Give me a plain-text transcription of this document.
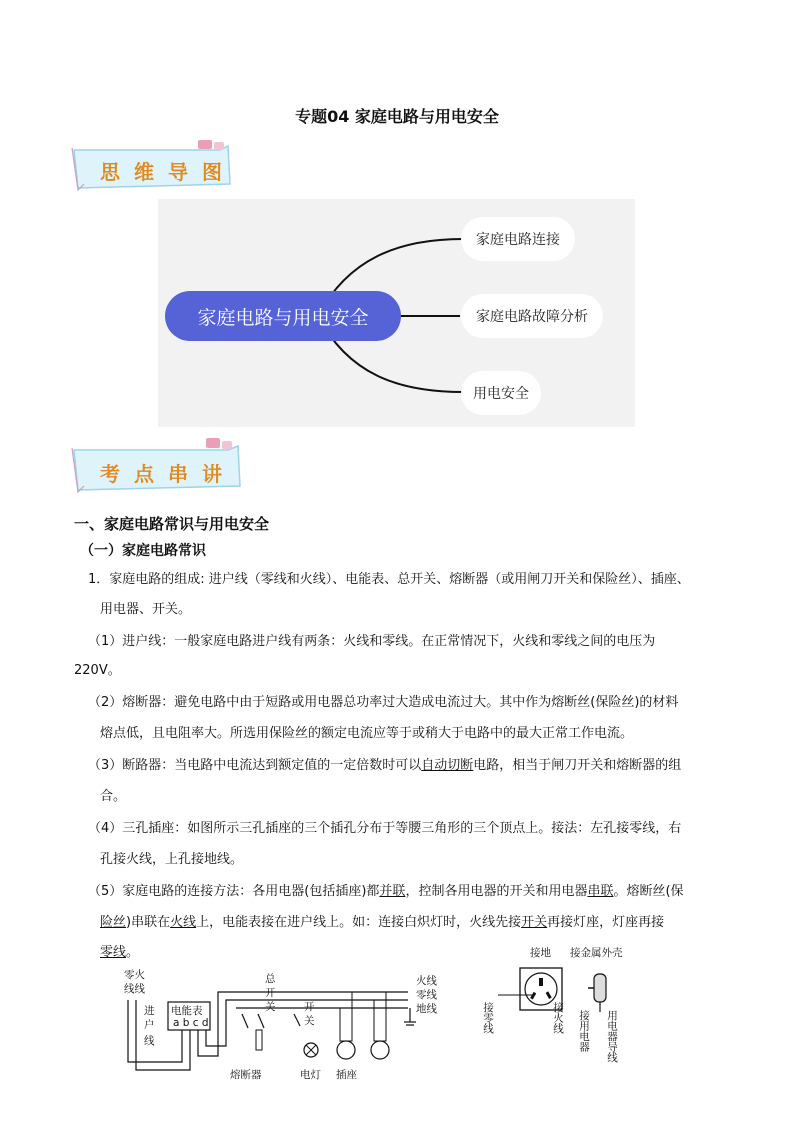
专题04 家庭电路与用电安全
思维导图
家庭电路与用电安全
家庭电路连接
家庭电路故障分析
用电安全
考点串讲
一、家庭电路常识与用电安全
（一）家庭电路常识
1．家庭电路的组成: 进户线（零线和火线）、电能表、总开关、熔断器（或用闸刀开关和保险丝）、插座、
用电器、开关。
（1）进户线：一般家庭电路进户线有两条：火线和零线。在正常情况下，火线和零线之间的电压为
220V。
（2）熔断器：避免电路中由于短路或用电器总功率过大造成电流过大。其中作为熔断丝(保险丝)的材料
熔点低，且电阻率大。所选用保险丝的额定电流应等于或稍大于电路中的最大正常工作电流。
（3）断路器：当电路中电流达到额定值的一定倍数时可以自动切断电路，相当于闸刀开关和熔断器的组
合。
（4）三孔插座：如图所示三孔插座的三个插孔分布于等腰三角形的三个顶点上。接法：左孔接零线，右
孔接火线，上孔接地线。
（5）家庭电路的连接方法：各用电器(包括插座)都并联，控制各用电器的开关和用电器串联。熔断丝(保
险丝)串联在火线上，电能表接在进户线上。如：连接白炽灯时，火线先接开关再接灯座，灯座再接
零线。
零火
线线
进
户
线
电能表
a b c d
总
开
关
熔断器
开
关
电灯 插座
火线
零线
地线
接地 接金属外壳
接零线	接火线 接用电器 用电器导线
